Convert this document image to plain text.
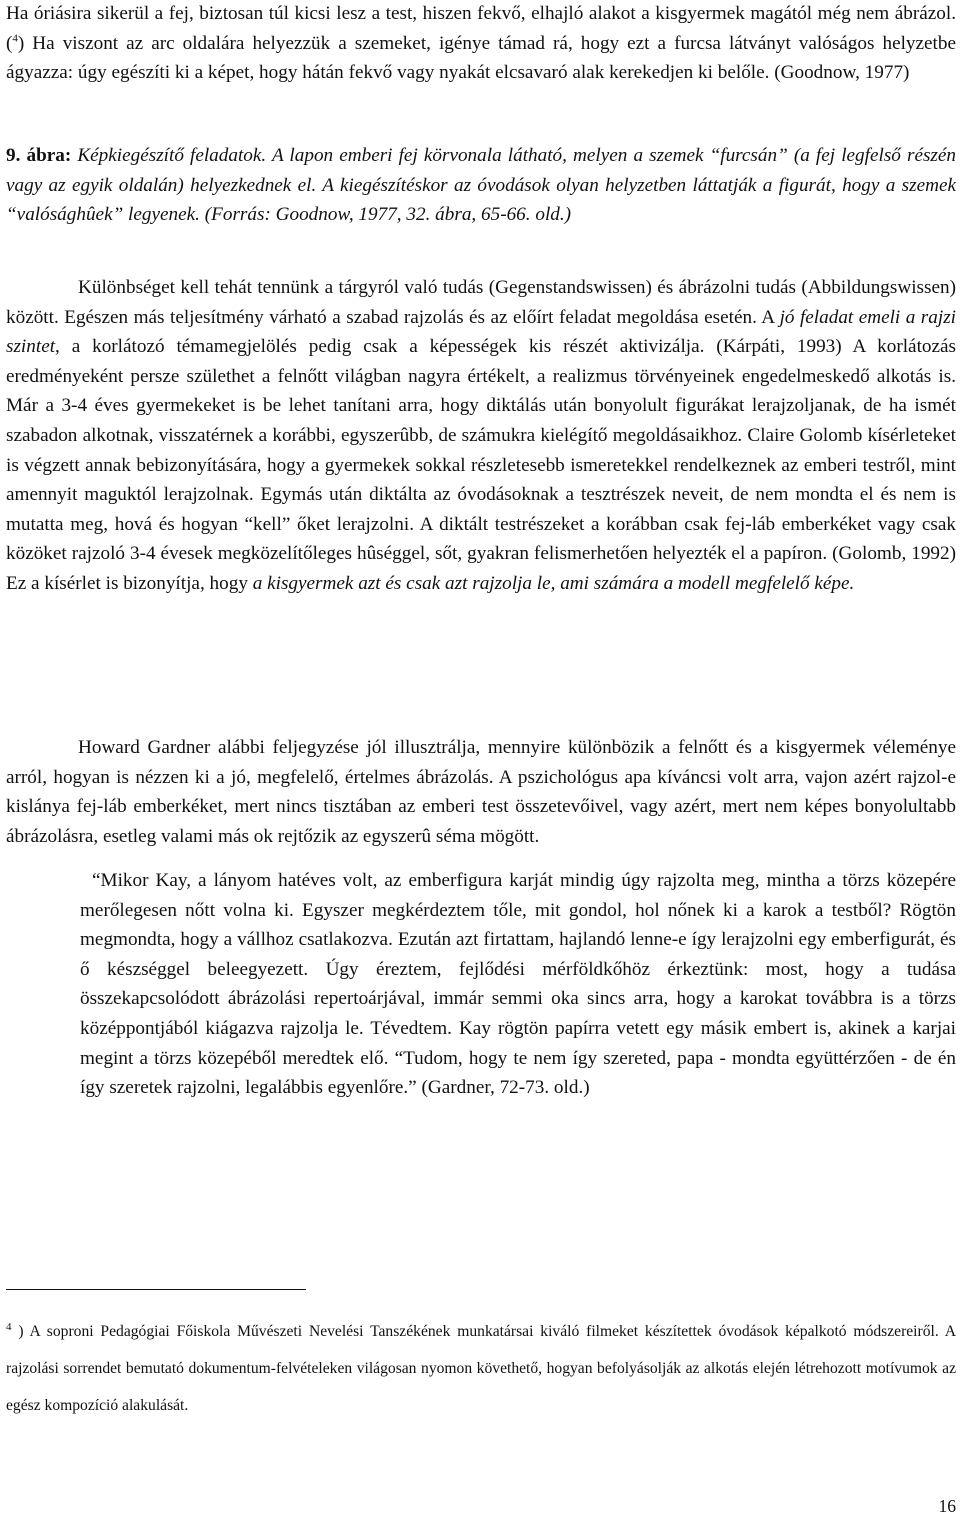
Ha óriásira sikerül a fej, biztosan túl kicsi lesz a test, hiszen fekvő, elhajló alakot a kisgyermek magától még nem ábrázol. ($^4$) Ha viszont az arc oldalára helyezzük a szemeket, igénye támad rá, hogy ezt a furcsa látványt valóságos helyzetbe ágyazza: úgy egészíti ki a képet, hogy hátán fekvő vagy nyakát elcsavaró alak kerekedjen ki belőle. (Goodnow, 1977)

9. ábra: Képkiegészítő feladatok. A lapon emberi fej körvonala látható, melyen a szemek “furcsán” (a fej legfelső részén vagy az egyik oldalán) helyezkednek el. A kiegészítéskor az óvodások olyan helyzetben láttatják a figurát, hogy a szemek “valósághûek” legyenek. (Forrás: Goodnow, 1977, 32. ábra, 65-66. old.)

Különbséget kell tehát tennünk a tárgyról való tudás (Gegenstandswissen) és ábrázolni tudás (Abbildungswissen) között. Egészen más teljesítmény várható a szabad rajzolás és az előírt feladat megoldása esetén. A jó feladat emeli a rajzi szintet, a korlátozó témamegjelölés pedig csak a képességek kis részét aktivizálja. (Kárpáti, 1993) A korlátozás eredményeként persze születhet a felnőtt világban nagyra értékelt, a realizmus törvényeinek engedelmeskedő alkotás is. Már a 3-4 éves gyermekeket is be lehet tanítani arra, hogy diktálás után bonyolult figurákat lerajzoljanak, de ha ismét szabadon alkotnak, visszatérnek a korábbi, egyszerûbb, de számukra kielégítő megoldásaikhoz. Claire Golomb kísérleteket is végzett annak bebizonyítására, hogy a gyermekek sokkal részletesebb ismeretekkel rendelkeznek az emberi testről, mint amennyit maguktól lerajzolnak. Egymás után diktálta az óvodásoknak a tesztrészek neveit, de nem mondta el és nem is mutatta meg, hová és hogyan “kell” őket lerajzolni. A diktált testrészeket a korábban csak fej-láb emberkéket vagy csak közöket rajzoló 3-4 évesek megközelítőleges hûséggel, sőt, gyakran felismerhetően helyezték el a papíron. (Golomb, 1992) Ez a kísérlet is bizonyítja, hogy a kisgyermek azt és csak azt rajzolja le, ami számára a modell megfelelő képe.

Howard Gardner alábbi feljegyzése jól illusztrálja, mennyire különbözik a felnőtt és a kisgyermek véleménye arról, hogyan is nézzen ki a jó, megfelelő, értelmes ábrázolás. A pszichológus apa kíváncsi volt arra, vajon azért rajzol-e kislánya fej-láb emberkéket, mert nincs tisztában az emberi test összetevőivel, vagy azért, mert nem képes bonyolultabb ábrázolásra, esetleg valami más ok rejtőzik az egyszerû séma mögött.

“Mikor Kay, a lányom hatéves volt, az emberfigura karját mindig úgy rajzolta meg, mintha a törzs közepére merőlegesen nőtt volna ki. Egyszer megkérdeztem tőle, mit gondol, hol nőnek ki a karok a testből? Rögtön megmondta, hogy a vállhoz csatlakozva. Ezután azt firtattam, hajlandó lenne-e így lerajzolni egy emberfigurát, és ő készséggel beleegyezett. Úgy éreztem, fejlődési mérföldkőhöz érkeztünk: most, hogy a tudása összekapcsolódott ábrázolási repertoárjával, immár semmi oka sincs arra, hogy a karokat továbbra is a törzs középpontjából kiágazva rajzolja le. Tévedtem. Kay rögtön papírra vetett egy másik embert is, akinek a karjai megint a törzs közepéből meredtek elő. “Tudom, hogy te nem így szereted, papa - mondta együttérzően - de én így szeretek rajzolni, legalábbis egyenlőre.” (Gardner, 72-73. old.)

$^4$ ) A soproni Pedagógiai Főiskola Művészeti Nevelési Tanszékének munkatársai kiváló filmeket készítettek óvodások képalkotó módszereiről. A rajzolási sorrendet bemutató dokumentum-felvételeken világosan nyomon követhető, hogyan befolyásolják az alkotás elején létrehozott motívumok az egész kompozíció alakulását.

16
